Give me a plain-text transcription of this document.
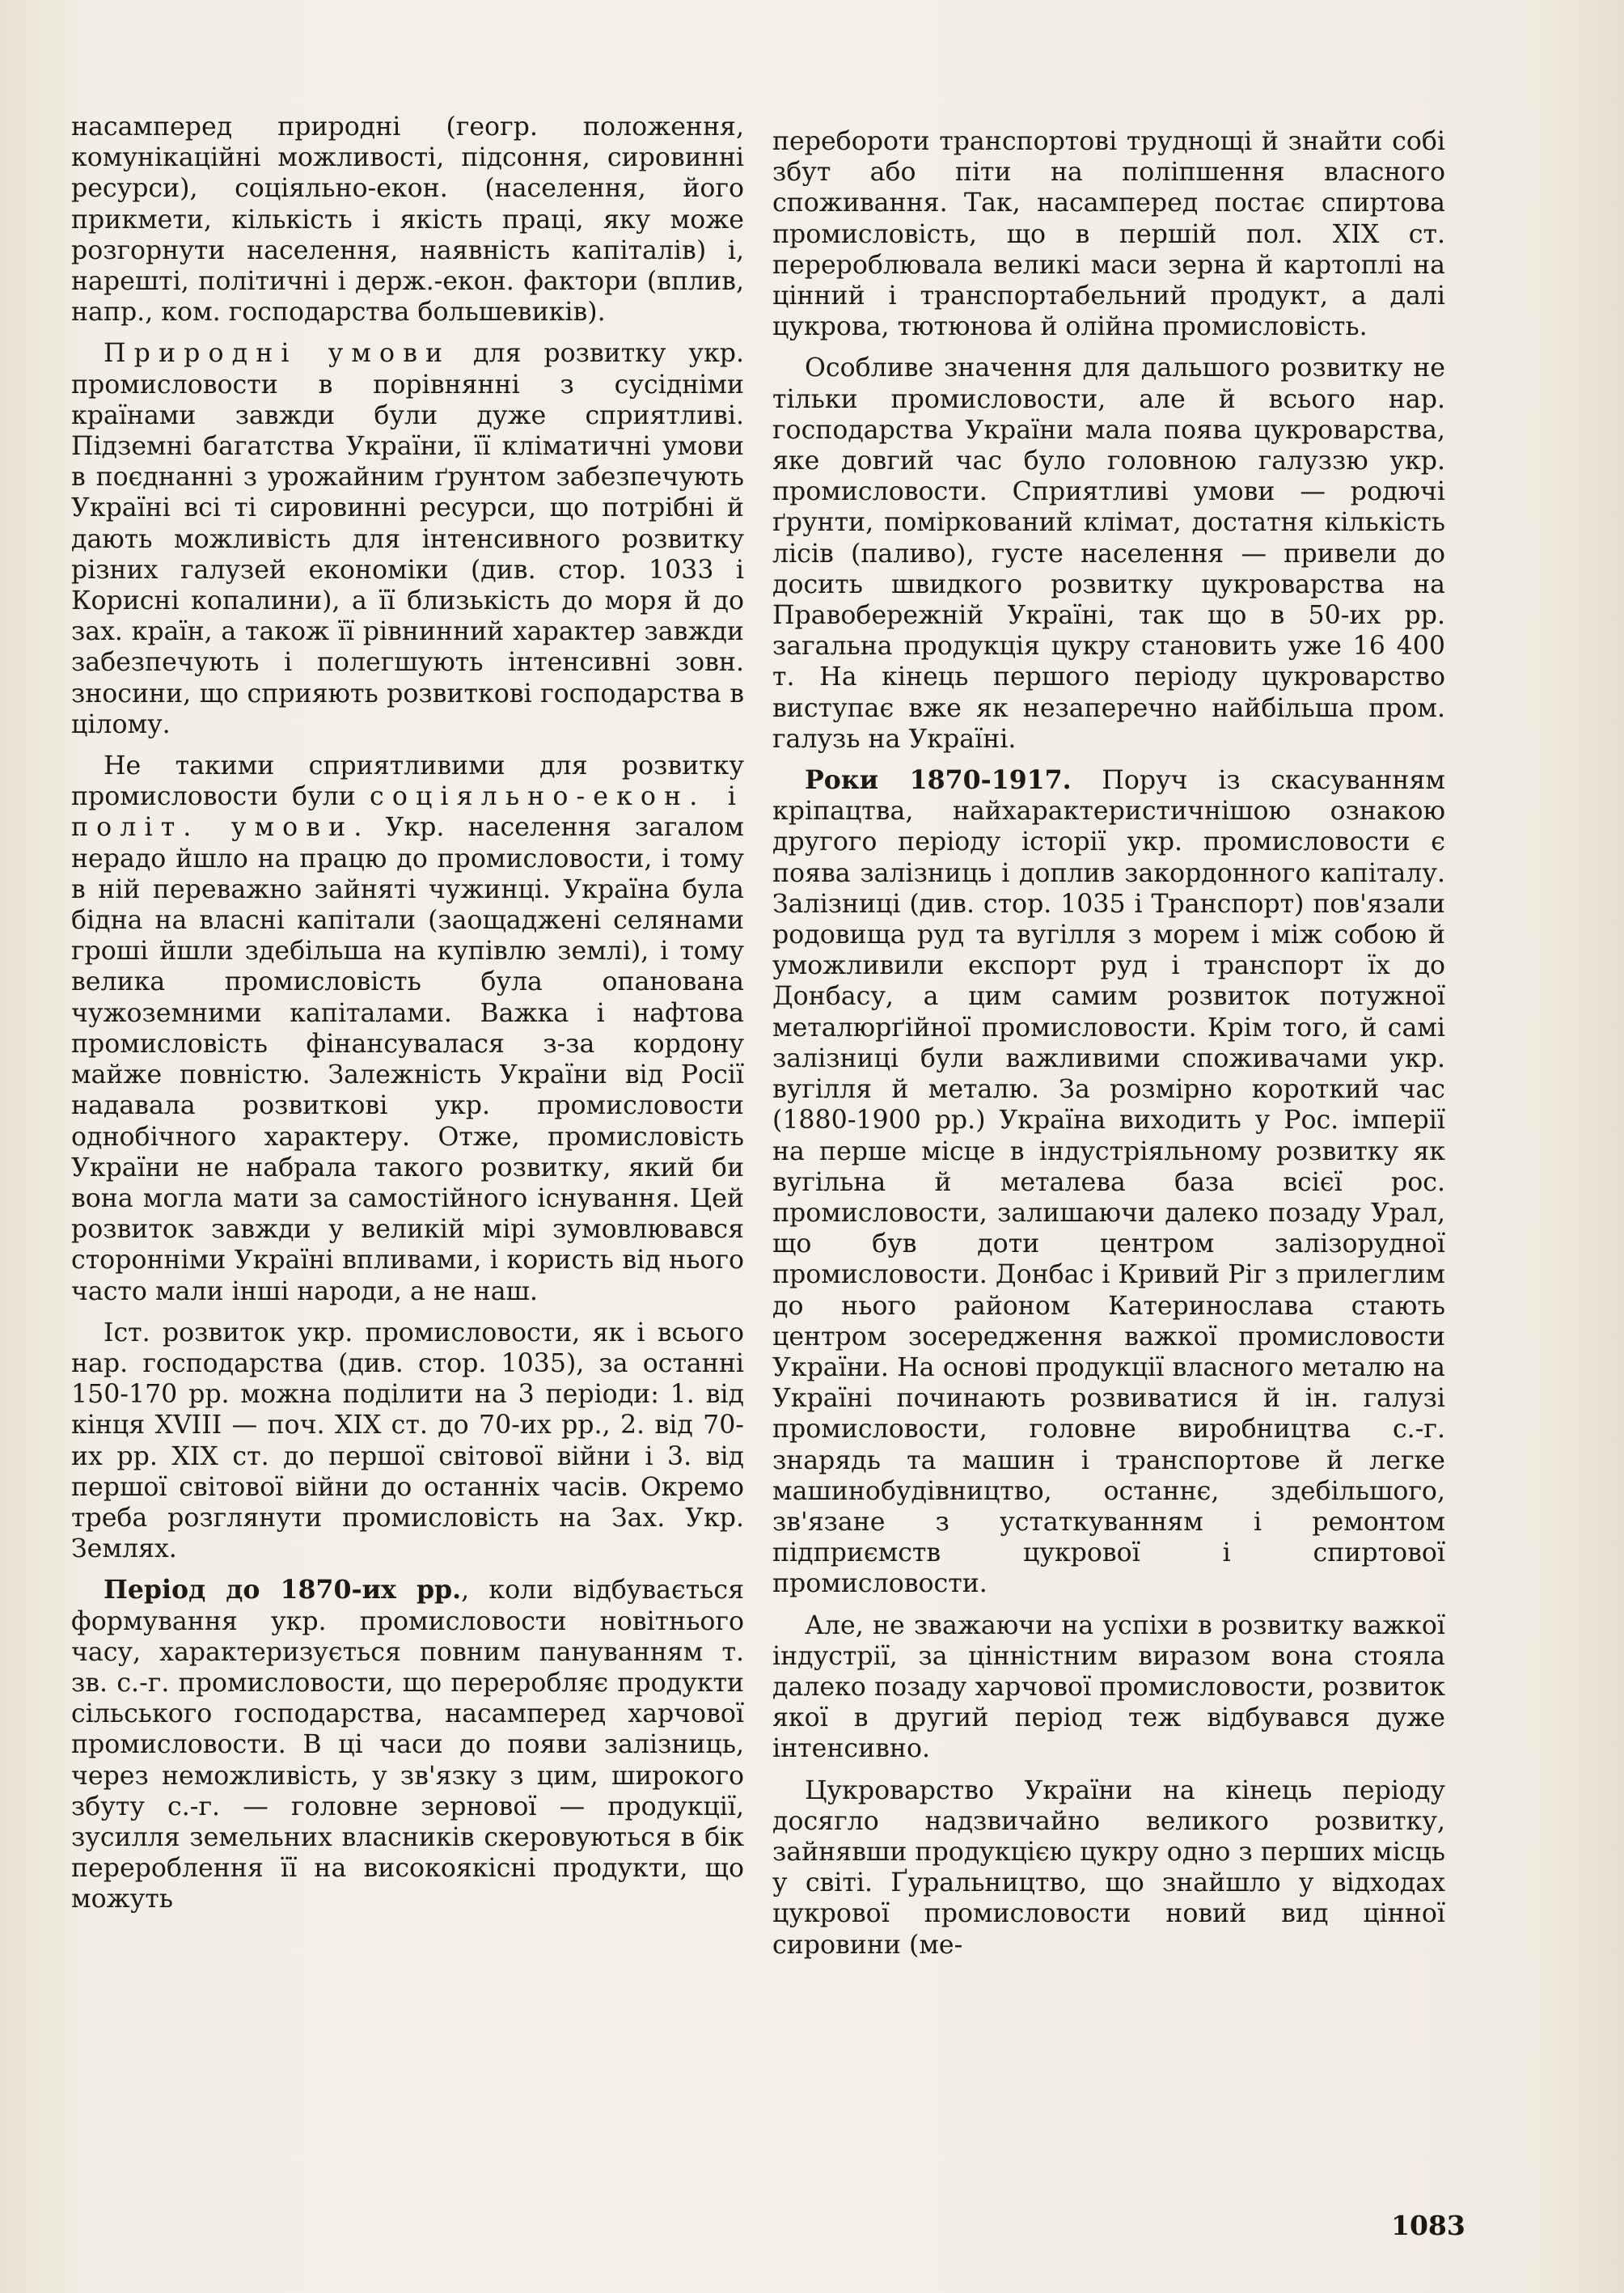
насамперед природні (геогр. положення, комунікаційні можливості, підсоння, сировинні ресурси), соціяльно-екон. (населення, його прикмети, кількість і якість праці, яку може розгорнути населення, наявність капіталів) і, нарешті, політичні і держ.-екон. фактори (вплив, напр., ком. господарства большевиків).

Природні умови для розвитку укр. промисловости в порівнянні з сусідніми країнами завжди були дуже сприятливі. Підземні багатства України, її кліматичні умови в поєднанні з урожайним ґрунтом забезпечують Україні всі ті сировинні ресурси, що потрібні й дають можливість для інтенсивного розвитку різних галузей економіки (див. стор. 1033 і Корисні копалини), а її близькість до моря й до зах. країн, а також її рівнинний характер завжди забезпечують і полегшують інтенсивні зовн. зносини, що сприяють розвиткові господарства в цілому.

Не такими сприятливими для розвитку промисловости були соціяльно-екон. і політ. умови. Укр. населення загалом нерадо йшло на працю до промисловости, і тому в ній переважно зайняті чужинці. Україна була бідна на власні капітали (заощаджені селянами гроші йшли здебільша на купівлю землі), і тому велика промисловість була опанована чужоземними капіталами. Важка і нафтова промисловість фінансувалася з-за кордону майже повністю. Залежність України від Росії надавала розвиткові укр. промисловости однобічного характеру. Отже, промисловість України не набрала такого розвитку, який би вона могла мати за самостійного існування. Цей розвиток завжди у великій мірі зумовлювався сторонніми Україні впливами, і користь від нього часто мали інші народи, а не наш.

Іст. розвиток укр. промисловости, як і всього нар. господарства (див. стор. 1035), за останні 150-170 рр. можна поділити на 3 періоди: 1. від кінця XVIII — поч. XIX ст. до 70-их рр., 2. від 70-их рр. XIX ст. до першої світової війни і 3. від першої світової війни до останніх часів. Окремо треба розглянути промисловість на Зах. Укр. Землях.

Період до 1870-их рр., коли відбувається формування укр. промисловости новітнього часу, характеризується повним пануванням т. зв. с.-г. промисловости, що переробляє продукти сільського господарства, насамперед харчової промисловости. В ці часи до появи залізниць, через неможливість, у зв'язку з цим, широкого збуту с.-г. — головне зернової — продукції, зусилля земельних власників скеровуються в бік перероблення її на високоякісні продукти, що можуть

перебороти транспортові труднощі й знайти собі збут або піти на поліпшення власного споживання. Так, насамперед постає спиртова промисловість, що в першій пол. XIX ст. перероблювала великі маси зерна й картоплі на цінний і транспортабельний продукт, а далі цукрова, тютюнова й олійна промисловість.

Особливе значення для дальшого розвитку не тільки промисловости, але й всього нар. господарства України мала поява цукроварства, яке довгий час було головною галуззю укр. промисловости. Сприятливі умови — родючі ґрунти, поміркований клімат, достатня кількість лісів (паливо), густе населення — привели до досить швидкого розвитку цукроварства на Правобережній Україні, так що в 50-их рр. загальна продукція цукру становить уже 16 400 т. На кінець першого періоду цукроварство виступає вже як незаперечно найбільша пром. галузь на Україні.

Роки 1870-1917. Поруч із скасуванням кріпацтва, найхарактеристичнішою ознакою другого періоду історії укр. промисловости є поява залізниць і доплив закордонного капіталу. Залізниці (див. стор. 1035 і Транспорт) пов'язали родовища руд та вугілля з морем і між собою й уможливили експорт руд і транспорт їх до Донбасу, а цим самим розвиток потужної металюрґійної промисловости. Крім того, й самі залізниці були важливими споживачами укр. вугілля й металю. За розмірно короткий час (1880-1900 рр.) Україна виходить у Рос. імперії на перше місце в індустріяльному розвитку як вугільна й металева база всієї рос. промисловости, залишаючи далеко позаду Урал, що був доти центром залізорудної промисловости. Донбас і Кривий Ріг з прилеглим до нього районом Катеринослава стають центром зосередження важкої промисловости України. На основі продукції власного металю на Україні починають розвиватися й ін. галузі промисловости, головне виробництва с.-г. знарядь та машин і транспортове й легке машинобудівництво, останнє, здебільшого, зв'язане з устаткуванням і ремонтом підприємств цукрової і спиртової промисловости.

Але, не зважаючи на успіхи в розвитку важкої індустрії, за цінністним виразом вона стояла далеко позаду харчової промисловости, розвиток якої в другий період теж відбувався дуже інтенсивно.

Цукроварство України на кінець періоду досягло надзвичайно великого розвитку, зайнявши продукцією цукру одно з перших місць у світі. Ґуральництво, що знайшло у відходах цукрової промисловости новий вид цінної сировини (ме-

1083
